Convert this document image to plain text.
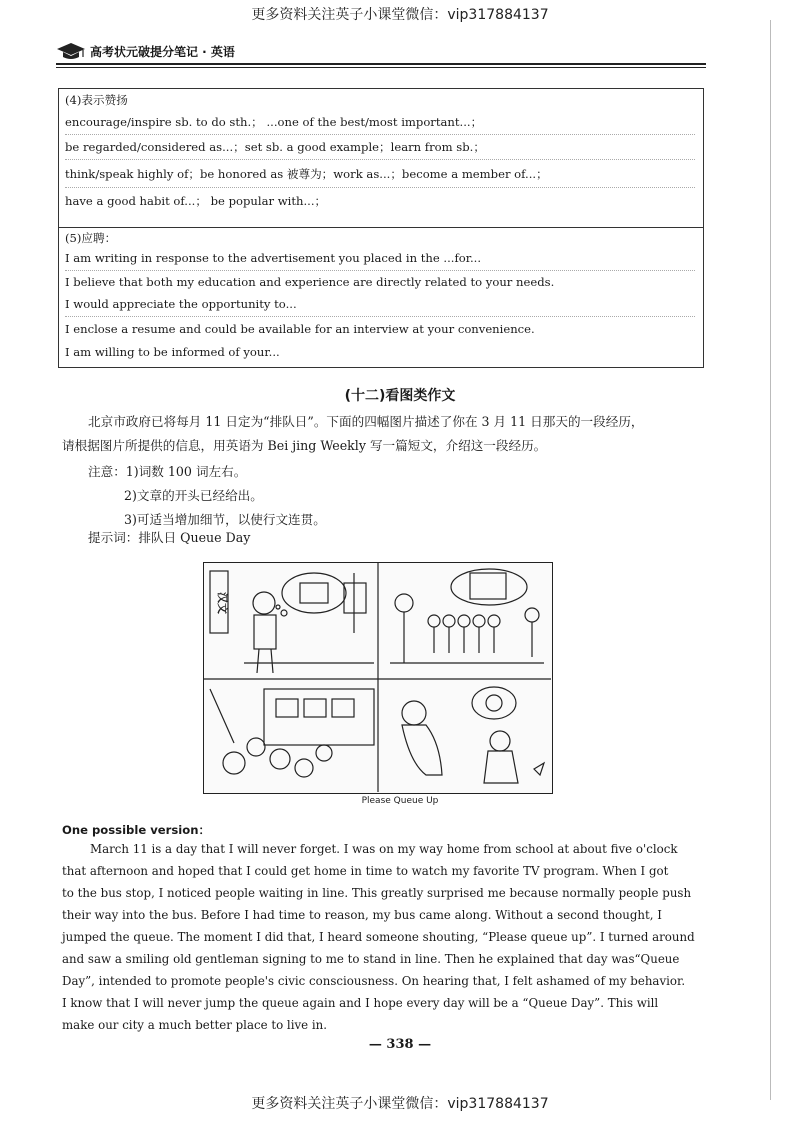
更多资料关注英子小课堂微信：vip317884137
更多资料关注英子小课堂微信：vip317884137
高考状元破提分笔记 · 英语
(4)表示赞扬
encourage/inspire sb. to do sth.； ...one of the best/most important...；
be regarded/considered as...；set sb. a good example；learn from sb.；
think/speak highly of；be honored as 被尊为；work as...；become a member of...；
have a good habit of...； be popular with...；
(5)应聘：
I am writing in response to the advertisement you placed in the ...for...
I believe that both my education and experience are directly related to your needs.
I would appreciate the opportunity to...
I enclose a resume and could be available for an interview at your convenience.
I am willing to be informed of your...
(十二)看图类作文
北京市政府已将每月 11 日定为“排队日”。下面的四幅图片描述了你在 3 月 11 日那天的一段经历，
请根据图片所提供的信息，用英语为 Bei jing Weekly 写一篇短文，介绍这一段经历。
注意：1)词数 100 词左右。
2)文章的开头已经给出。
3)可适当增加细节，以使行文连贯。
提示词：排队日 Queue Day
汉文
Please Queue Up
One possible version：
March 11 is a day that I will never forget. I was on my way home from school at about five o'clock
that afternoon and hoped that I could get home in time to watch my favorite TV program. When I got
to the bus stop, I noticed people waiting in line. This greatly surprised me because normally people push
their way into the bus. Before I had time to reason, my bus came along. Without a second thought, I
jumped the queue. The moment I did that, I heard someone shouting, “Please queue up”. I turned around
and saw a smiling old gentleman signing to me to stand in line. Then he explained that day was“Queue
Day”, intended to promote people's civic consciousness. On hearing that, I felt ashamed of my behavior.
I know that I will never jump the queue again and I hope every day will be a “Queue Day”. This will
make our city a much better place to live in.
— 338 —
